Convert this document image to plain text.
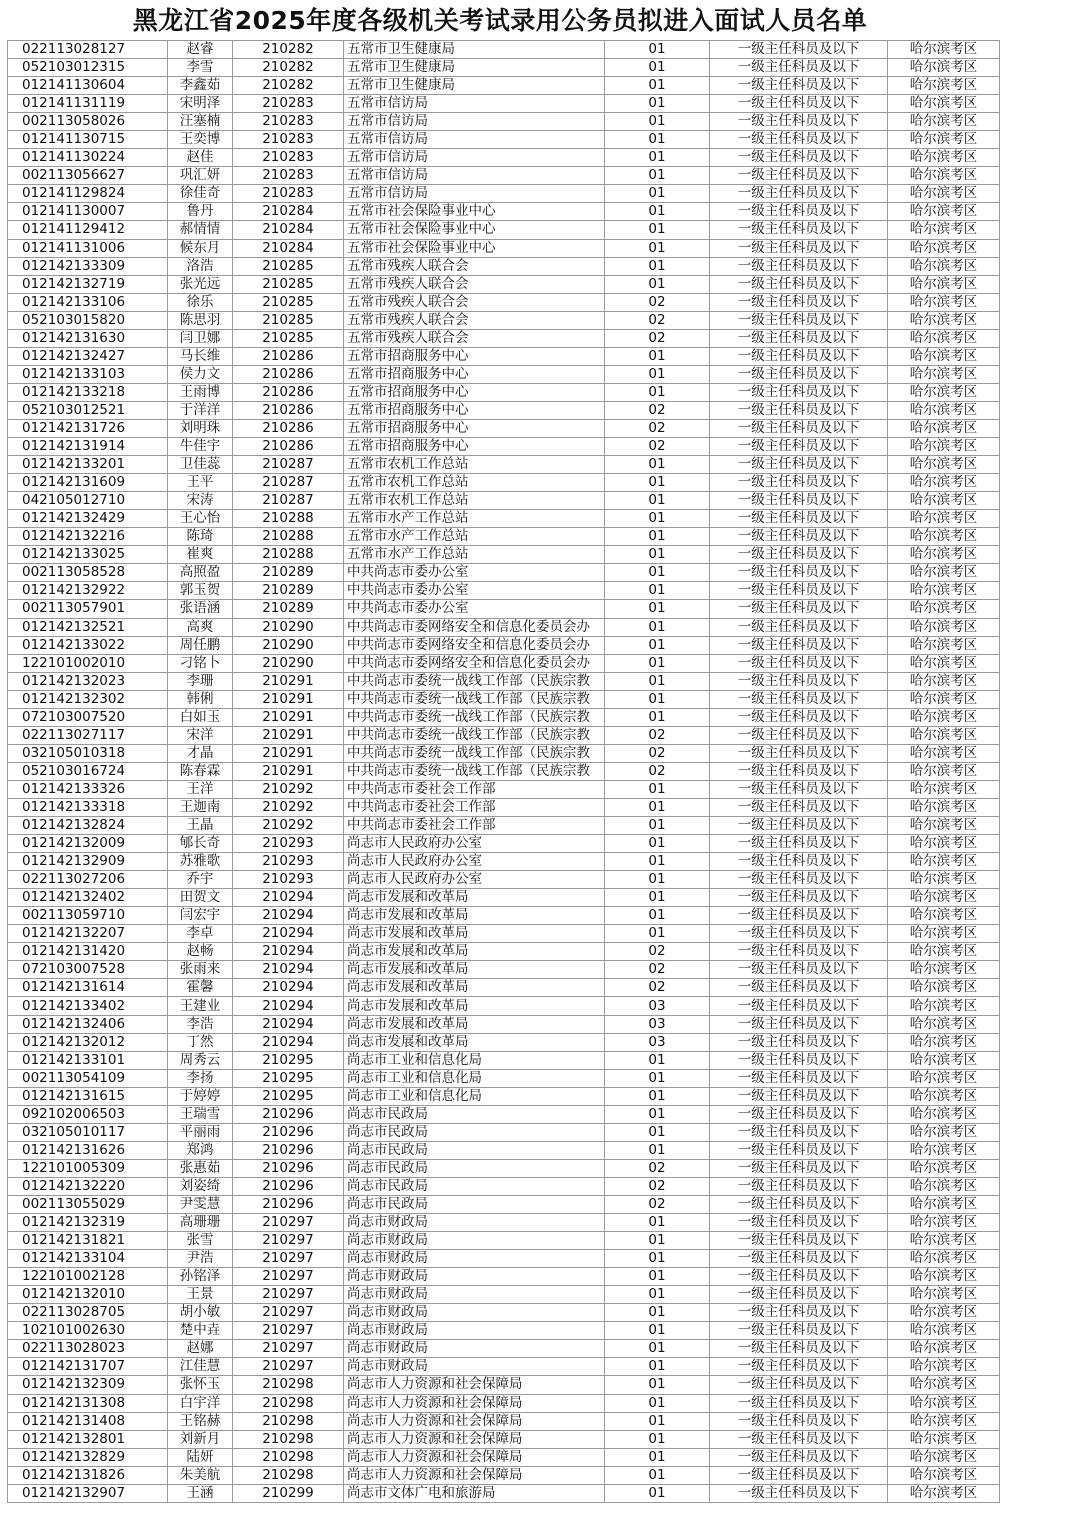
黑龙江省2025年度各级机关考试录用公务员拟进入面试人员名单
022113028127	赵睿	210282	五常市卫生健康局	01	一级主任科员及以下	哈尔滨考区
052103012315	李雪	210282	五常市卫生健康局	01	一级主任科员及以下	哈尔滨考区
012141130604	李鑫茹	210282	五常市卫生健康局	01	一级主任科员及以下	哈尔滨考区
012141131119	宋明泽	210283	五常市信访局	01	一级主任科员及以下	哈尔滨考区
002113058026	汪塞楠	210283	五常市信访局	01	一级主任科员及以下	哈尔滨考区
012141130715	王奕博	210283	五常市信访局	01	一级主任科员及以下	哈尔滨考区
012141130224	赵佳	210283	五常市信访局	01	一级主任科员及以下	哈尔滨考区
002113056627	巩汇妍	210283	五常市信访局	01	一级主任科员及以下	哈尔滨考区
012141129824	徐佳奇	210283	五常市信访局	01	一级主任科员及以下	哈尔滨考区
012141130007	鲁丹	210284	五常市社会保险事业中心	01	一级主任科员及以下	哈尔滨考区
012141129412	郝情情	210284	五常市社会保险事业中心	01	一级主任科员及以下	哈尔滨考区
012141131006	候东月	210284	五常市社会保险事业中心	01	一级主任科员及以下	哈尔滨考区
012142133309	洛浩	210285	五常市残疾人联合会	01	一级主任科员及以下	哈尔滨考区
012142132719	张光远	210285	五常市残疾人联合会	01	一级主任科员及以下	哈尔滨考区
012142133106	徐乐	210285	五常市残疾人联合会	02	一级主任科员及以下	哈尔滨考区
052103015820	陈思羽	210285	五常市残疾人联合会	02	一级主任科员及以下	哈尔滨考区
012142131630	闫卫娜	210285	五常市残疾人联合会	02	一级主任科员及以下	哈尔滨考区
012142132427	马长维	210286	五常市招商服务中心	01	一级主任科员及以下	哈尔滨考区
012142133103	侯力文	210286	五常市招商服务中心	01	一级主任科员及以下	哈尔滨考区
012142133218	王雨博	210286	五常市招商服务中心	01	一级主任科员及以下	哈尔滨考区
052103012521	于洋洋	210286	五常市招商服务中心	02	一级主任科员及以下	哈尔滨考区
012142131726	刘明珠	210286	五常市招商服务中心	02	一级主任科员及以下	哈尔滨考区
012142131914	牛佳宇	210286	五常市招商服务中心	02	一级主任科员及以下	哈尔滨考区
012142133201	卫佳蕊	210287	五常市农机工作总站	01	一级主任科员及以下	哈尔滨考区
012142131609	王平	210287	五常市农机工作总站	01	一级主任科员及以下	哈尔滨考区
042105012710	宋涛	210287	五常市农机工作总站	01	一级主任科员及以下	哈尔滨考区
012142132429	王心怡	210288	五常市水产工作总站	01	一级主任科员及以下	哈尔滨考区
012142132216	陈琦	210288	五常市水产工作总站	01	一级主任科员及以下	哈尔滨考区
012142133025	崔爽	210288	五常市水产工作总站	01	一级主任科员及以下	哈尔滨考区
002113058528	高照盈	210289	中共尚志市委办公室	01	一级主任科员及以下	哈尔滨考区
012142132922	郭玉贺	210289	中共尚志市委办公室	01	一级主任科员及以下	哈尔滨考区
002113057901	张语涵	210289	中共尚志市委办公室	01	一级主任科员及以下	哈尔滨考区
012142132521	高爽	210290	中共尚志市委网络安全和信息化委员会办	01	一级主任科员及以下	哈尔滨考区
012142133022	周任鹏	210290	中共尚志市委网络安全和信息化委员会办	01	一级主任科员及以下	哈尔滨考区
122101002010	刁铭卜	210290	中共尚志市委网络安全和信息化委员会办	01	一级主任科员及以下	哈尔滨考区
012142132023	李珊	210291	中共尚志市委统一战线工作部（民族宗教	01	一级主任科员及以下	哈尔滨考区
012142132302	韩俐	210291	中共尚志市委统一战线工作部（民族宗教	01	一级主任科员及以下	哈尔滨考区
072103007520	白如玉	210291	中共尚志市委统一战线工作部（民族宗教	01	一级主任科员及以下	哈尔滨考区
022113027117	宋洋	210291	中共尚志市委统一战线工作部（民族宗教	02	一级主任科员及以下	哈尔滨考区
032105010318	才晶	210291	中共尚志市委统一战线工作部（民族宗教	02	一级主任科员及以下	哈尔滨考区
052103016724	陈春霖	210291	中共尚志市委统一战线工作部（民族宗教	02	一级主任科员及以下	哈尔滨考区
012142133326	王洋	210292	中共尚志市委社会工作部	01	一级主任科员及以下	哈尔滨考区
012142133318	王迦南	210292	中共尚志市委社会工作部	01	一级主任科员及以下	哈尔滨考区
012142132824	王晶	210292	中共尚志市委社会工作部	01	一级主任科员及以下	哈尔滨考区
012142132009	郇长奇	210293	尚志市人民政府办公室	01	一级主任科员及以下	哈尔滨考区
012142132909	苏雅歌	210293	尚志市人民政府办公室	01	一级主任科员及以下	哈尔滨考区
022113027206	乔宇	210293	尚志市人民政府办公室	01	一级主任科员及以下	哈尔滨考区
012142132402	田贺文	210294	尚志市发展和改革局	01	一级主任科员及以下	哈尔滨考区
002113059710	闫宏宇	210294	尚志市发展和改革局	01	一级主任科员及以下	哈尔滨考区
012142132207	李卓	210294	尚志市发展和改革局	01	一级主任科员及以下	哈尔滨考区
012142131420	赵畅	210294	尚志市发展和改革局	02	一级主任科员及以下	哈尔滨考区
072103007528	张雨来	210294	尚志市发展和改革局	02	一级主任科员及以下	哈尔滨考区
012142131614	霍馨	210294	尚志市发展和改革局	02	一级主任科员及以下	哈尔滨考区
012142133402	王建业	210294	尚志市发展和改革局	03	一级主任科员及以下	哈尔滨考区
012142132406	李浩	210294	尚志市发展和改革局	03	一级主任科员及以下	哈尔滨考区
012142132012	丁然	210294	尚志市发展和改革局	03	一级主任科员及以下	哈尔滨考区
012142133101	周秀云	210295	尚志市工业和信息化局	01	一级主任科员及以下	哈尔滨考区
002113054109	李扬	210295	尚志市工业和信息化局	01	一级主任科员及以下	哈尔滨考区
012142131615	于婷婷	210295	尚志市工业和信息化局	01	一级主任科员及以下	哈尔滨考区
092102006503	王瑞雪	210296	尚志市民政局	01	一级主任科员及以下	哈尔滨考区
032105010117	平丽雨	210296	尚志市民政局	01	一级主任科员及以下	哈尔滨考区
012142131626	郑鸿	210296	尚志市民政局	01	一级主任科员及以下	哈尔滨考区
122101005309	张惠茹	210296	尚志市民政局	02	一级主任科员及以下	哈尔滨考区
012142132220	刘姿绮	210296	尚志市民政局	02	一级主任科员及以下	哈尔滨考区
002113055029	尹雯慧	210296	尚志市民政局	02	一级主任科员及以下	哈尔滨考区
012142132319	高珊珊	210297	尚志市财政局	01	一级主任科员及以下	哈尔滨考区
012142131821	张雪	210297	尚志市财政局	01	一级主任科员及以下	哈尔滨考区
012142133104	尹浩	210297	尚志市财政局	01	一级主任科员及以下	哈尔滨考区
122101002128	孙铭泽	210297	尚志市财政局	01	一级主任科员及以下	哈尔滨考区
012142132010	王景	210297	尚志市财政局	01	一级主任科员及以下	哈尔滨考区
022113028705	胡小敏	210297	尚志市财政局	01	一级主任科员及以下	哈尔滨考区
102101002630	楚中垚	210297	尚志市财政局	01	一级主任科员及以下	哈尔滨考区
022113028023	赵娜	210297	尚志市财政局	01	一级主任科员及以下	哈尔滨考区
012142131707	江佳慧	210297	尚志市财政局	01	一级主任科员及以下	哈尔滨考区
012142132309	张怀玉	210298	尚志市人力资源和社会保障局	01	一级主任科员及以下	哈尔滨考区
012142131308	白宇洋	210298	尚志市人力资源和社会保障局	01	一级主任科员及以下	哈尔滨考区
012142131408	王铭赫	210298	尚志市人力资源和社会保障局	01	一级主任科员及以下	哈尔滨考区
012142132801	刘新月	210298	尚志市人力资源和社会保障局	01	一级主任科员及以下	哈尔滨考区
012142132829	陆妍	210298	尚志市人力资源和社会保障局	01	一级主任科员及以下	哈尔滨考区
012142131826	朱美航	210298	尚志市人力资源和社会保障局	01	一级主任科员及以下	哈尔滨考区
012142132907	王涵	210299	尚志市文体广电和旅游局	01	一级主任科员及以下	哈尔滨考区
